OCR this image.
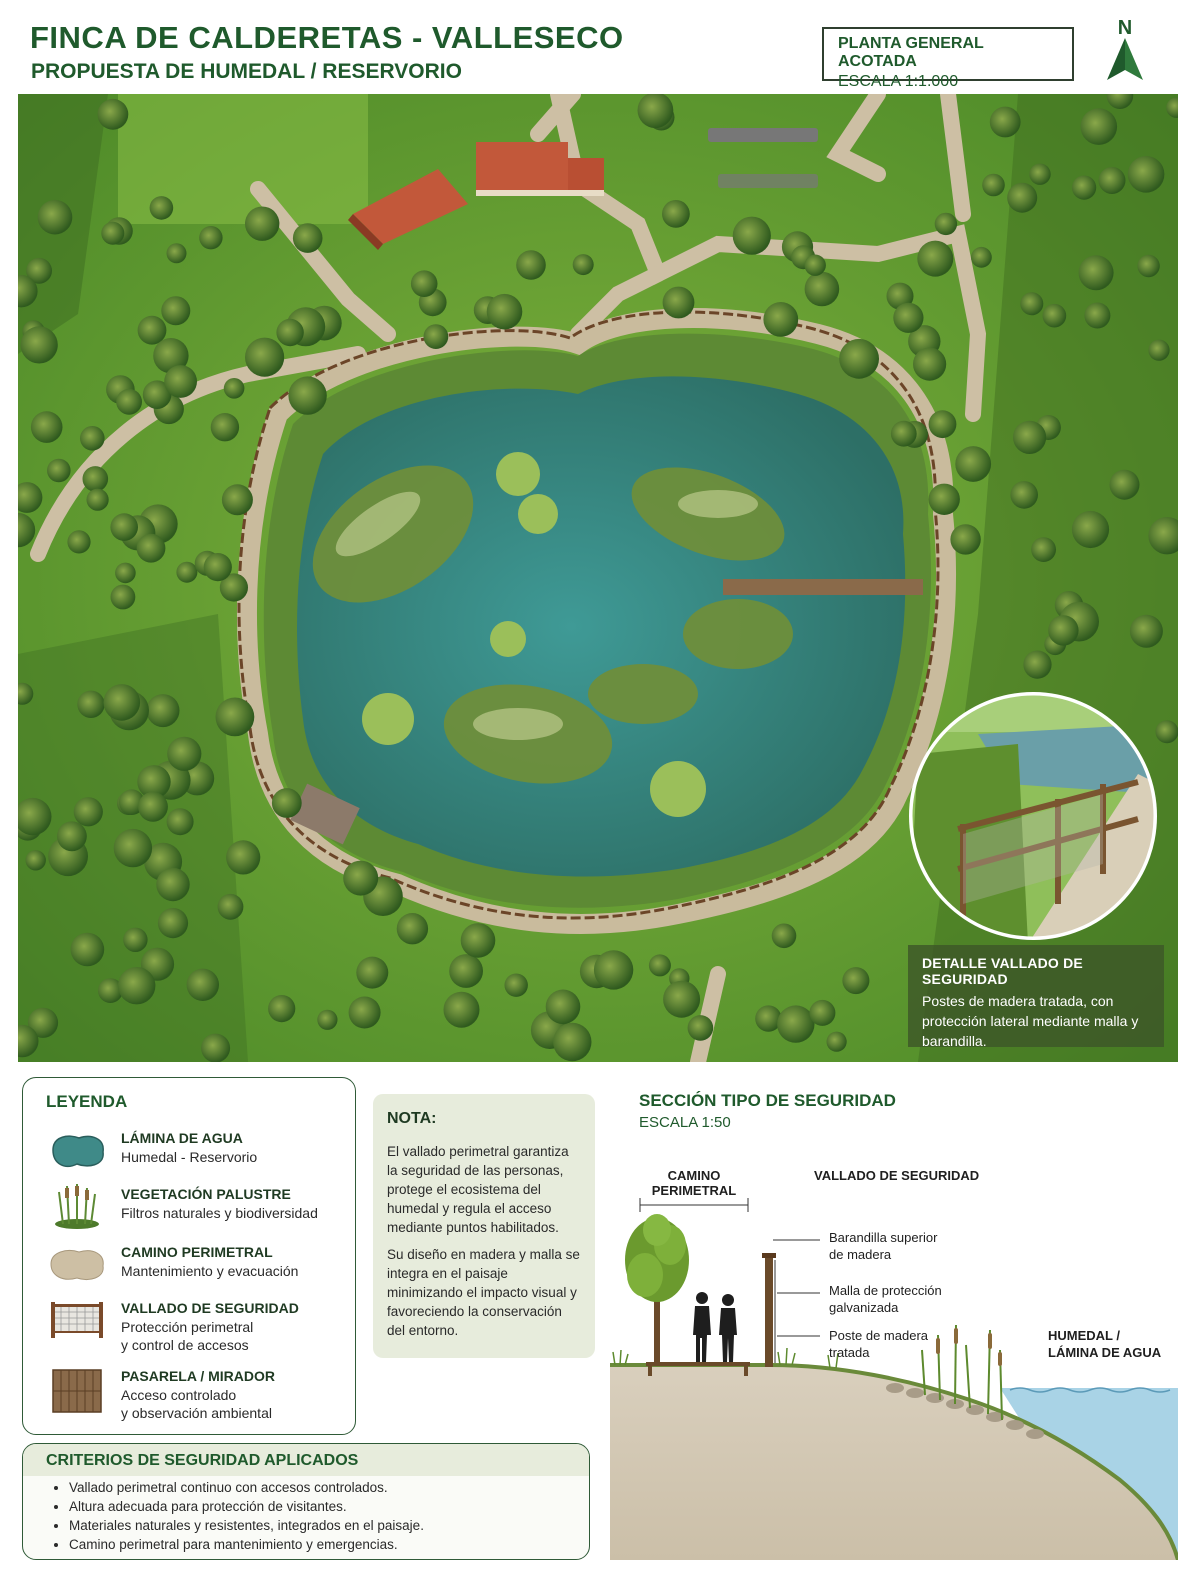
FINCA DE CALDERETAS - VALLESECO
PROPUESTA DE HUMEDAL / RESERVORIO
PLANTA GENERAL ACOTADA
ESCALA 1:1.000
N
DETALLE VALLADO DE SEGURIDAD
Postes de madera tratada, con protección lateral mediante malla y barandilla.
LEYENDA
LÁMINA DE AGUA
Humedal - Reservorio
VEGETACIÓN PALUSTRE
Filtros naturales y biodiversidad
CAMINO PERIMETRAL
Mantenimiento y evacuación
VALLADO DE SEGURIDAD
Protección perimetral
y control de accesos
PASARELA / MIRADOR
Acceso controlado
y observación ambiental
NOTA:

El vallado perimetral garantiza la seguridad de las personas, protege el ecosistema del humedal y regula el acceso mediante puntos habilitados.

Su diseño en madera y malla se integra en el paisaje minimizando el impacto visual y favoreciendo la conservación del entorno.

CRITERIOS DE SEGURIDAD APLICADOS
• Vallado perimetral continuo con accesos controlados.
• Altura adecuada para protección de visitantes.
• Materiales naturales y resistentes, integrados en el paisaje.
• Camino perimetral para mantenimiento y emergencias.
SECCIÓN TIPO DE SEGURIDAD
ESCALA 1:50
CAMINO
PERIMETRAL
VALLADO DE SEGURIDAD
Barandilla superior
de madera
Malla de protección
galvanizada
Poste de madera
tratada
HUMEDAL /
LÁMINA DE AGUA
